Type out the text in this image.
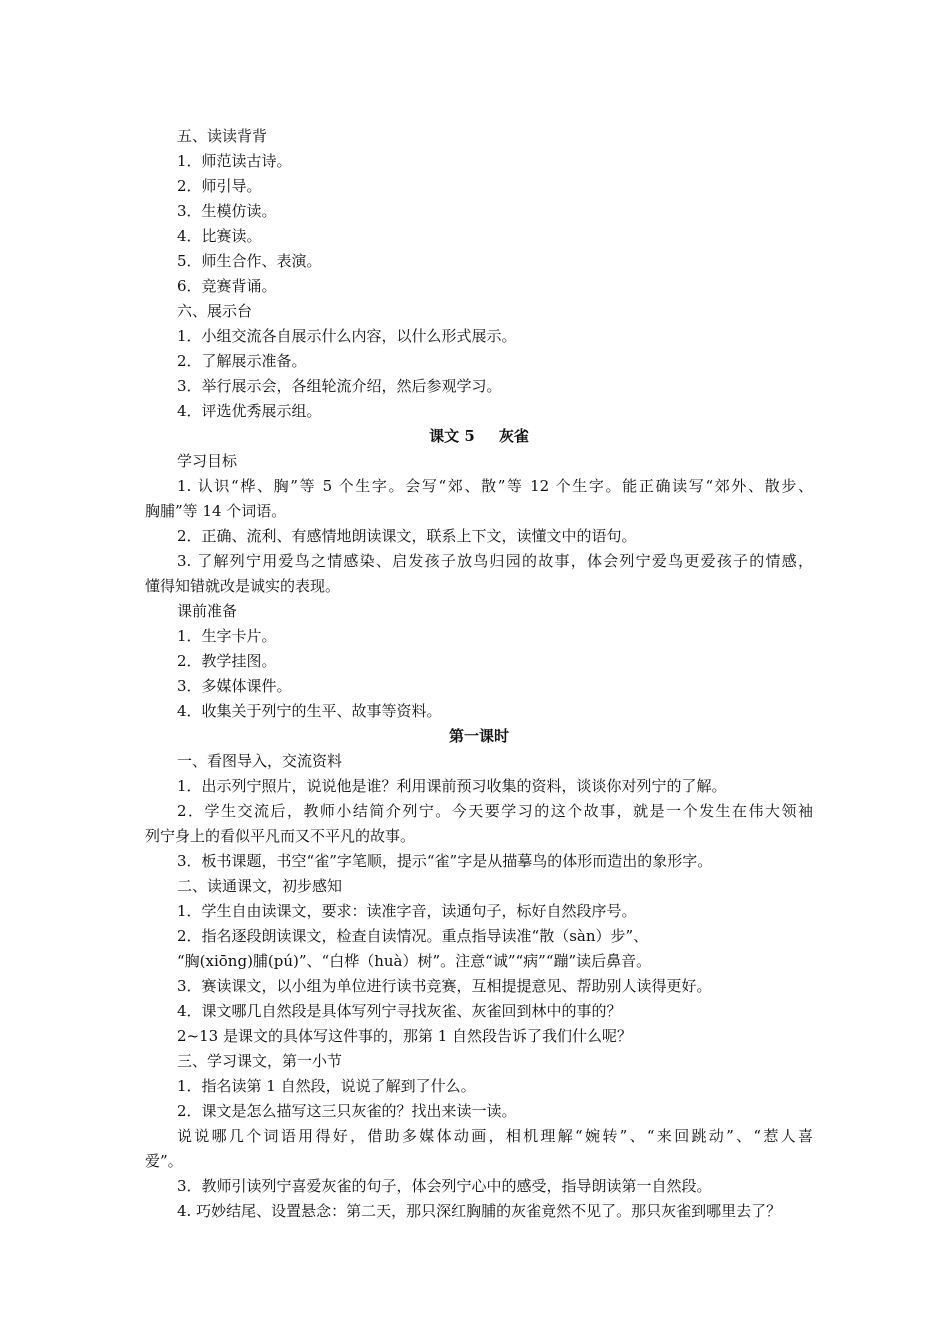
五、读读背背
1．师范读古诗。
2．师引导。
3．生模仿读。
4．比赛读。
5．师生合作、表演。
6．竞赛背诵。
六、展示台
1．小组交流各自展示什么内容，以什么形式展示。
2．了解展示准备。
3．举行展示会，各组轮流介绍，然后参观学习。
4．评选优秀展示组。
课文 5 灰雀
学习目标
1. 认识“桦、胸”等 5 个生字。会写“郊、散”等 12 个生字。能正确读写“郊外、散步、
胸脯”等 14 个词语。
2．正确、流利、有感情地朗读课文，联系上下文，读懂文中的语句。
3. 了解列宁用爱鸟之情感染、启发孩子放鸟归园的故事，体会列宁爱鸟更爱孩子的情感，
懂得知错就改是诚实的表现。
课前准备
1．生字卡片。
2．教学挂图。
3．多媒体课件。
4．收集关于列宁的生平、故事等资料。
第一课时
一、看图导入，交流资料
1．出示列宁照片，说说他是谁？利用课前预习收集的资料，谈谈你对列宁的了解。
2．学生交流后，教师小结简介列宁。今天要学习的这个故事，就是一个发生在伟大领袖
列宁身上的看似平凡而又不平凡的故事。
3．板书课题，书空“雀”字笔顺，提示“雀”字是从描摹鸟的体形而造出的象形字。
二、读通课文，初步感知
1．学生自由读课文，要求：读准字音，读通句子，标好自然段序号。
2．指名逐段朗读课文，检查自读情况。重点指导读准“散（sàn）步”、
“胸(xiōng)脯(pú)”、“白桦（huà）树”。注意“诚”“病”“蹦”读后鼻音。
3．赛读课文，以小组为单位进行读书竞赛，互相提提意见、帮助别人读得更好。
4．课文哪几自然段是具体写列宁寻找灰雀、灰雀回到林中的事的？
2~13 是课文的具体写这件事的，那第 1 自然段告诉了我们什么呢？
三、学习课文，第一小节
1．指名读第 1 自然段，说说了解到了什么。
2．课文是怎么描写这三只灰雀的？找出来读一读。
说说哪几个词语用得好，借助多媒体动画，相机理解“婉转”、“来回跳动”、“惹人喜
爱”。
3．教师引读列宁喜爱灰雀的句子，体会列宁心中的感受，指导朗读第一自然段。
4. 巧妙结尾、设置悬念：第二天，那只深红胸脯的灰雀竟然不见了。那只灰雀到哪里去了？
